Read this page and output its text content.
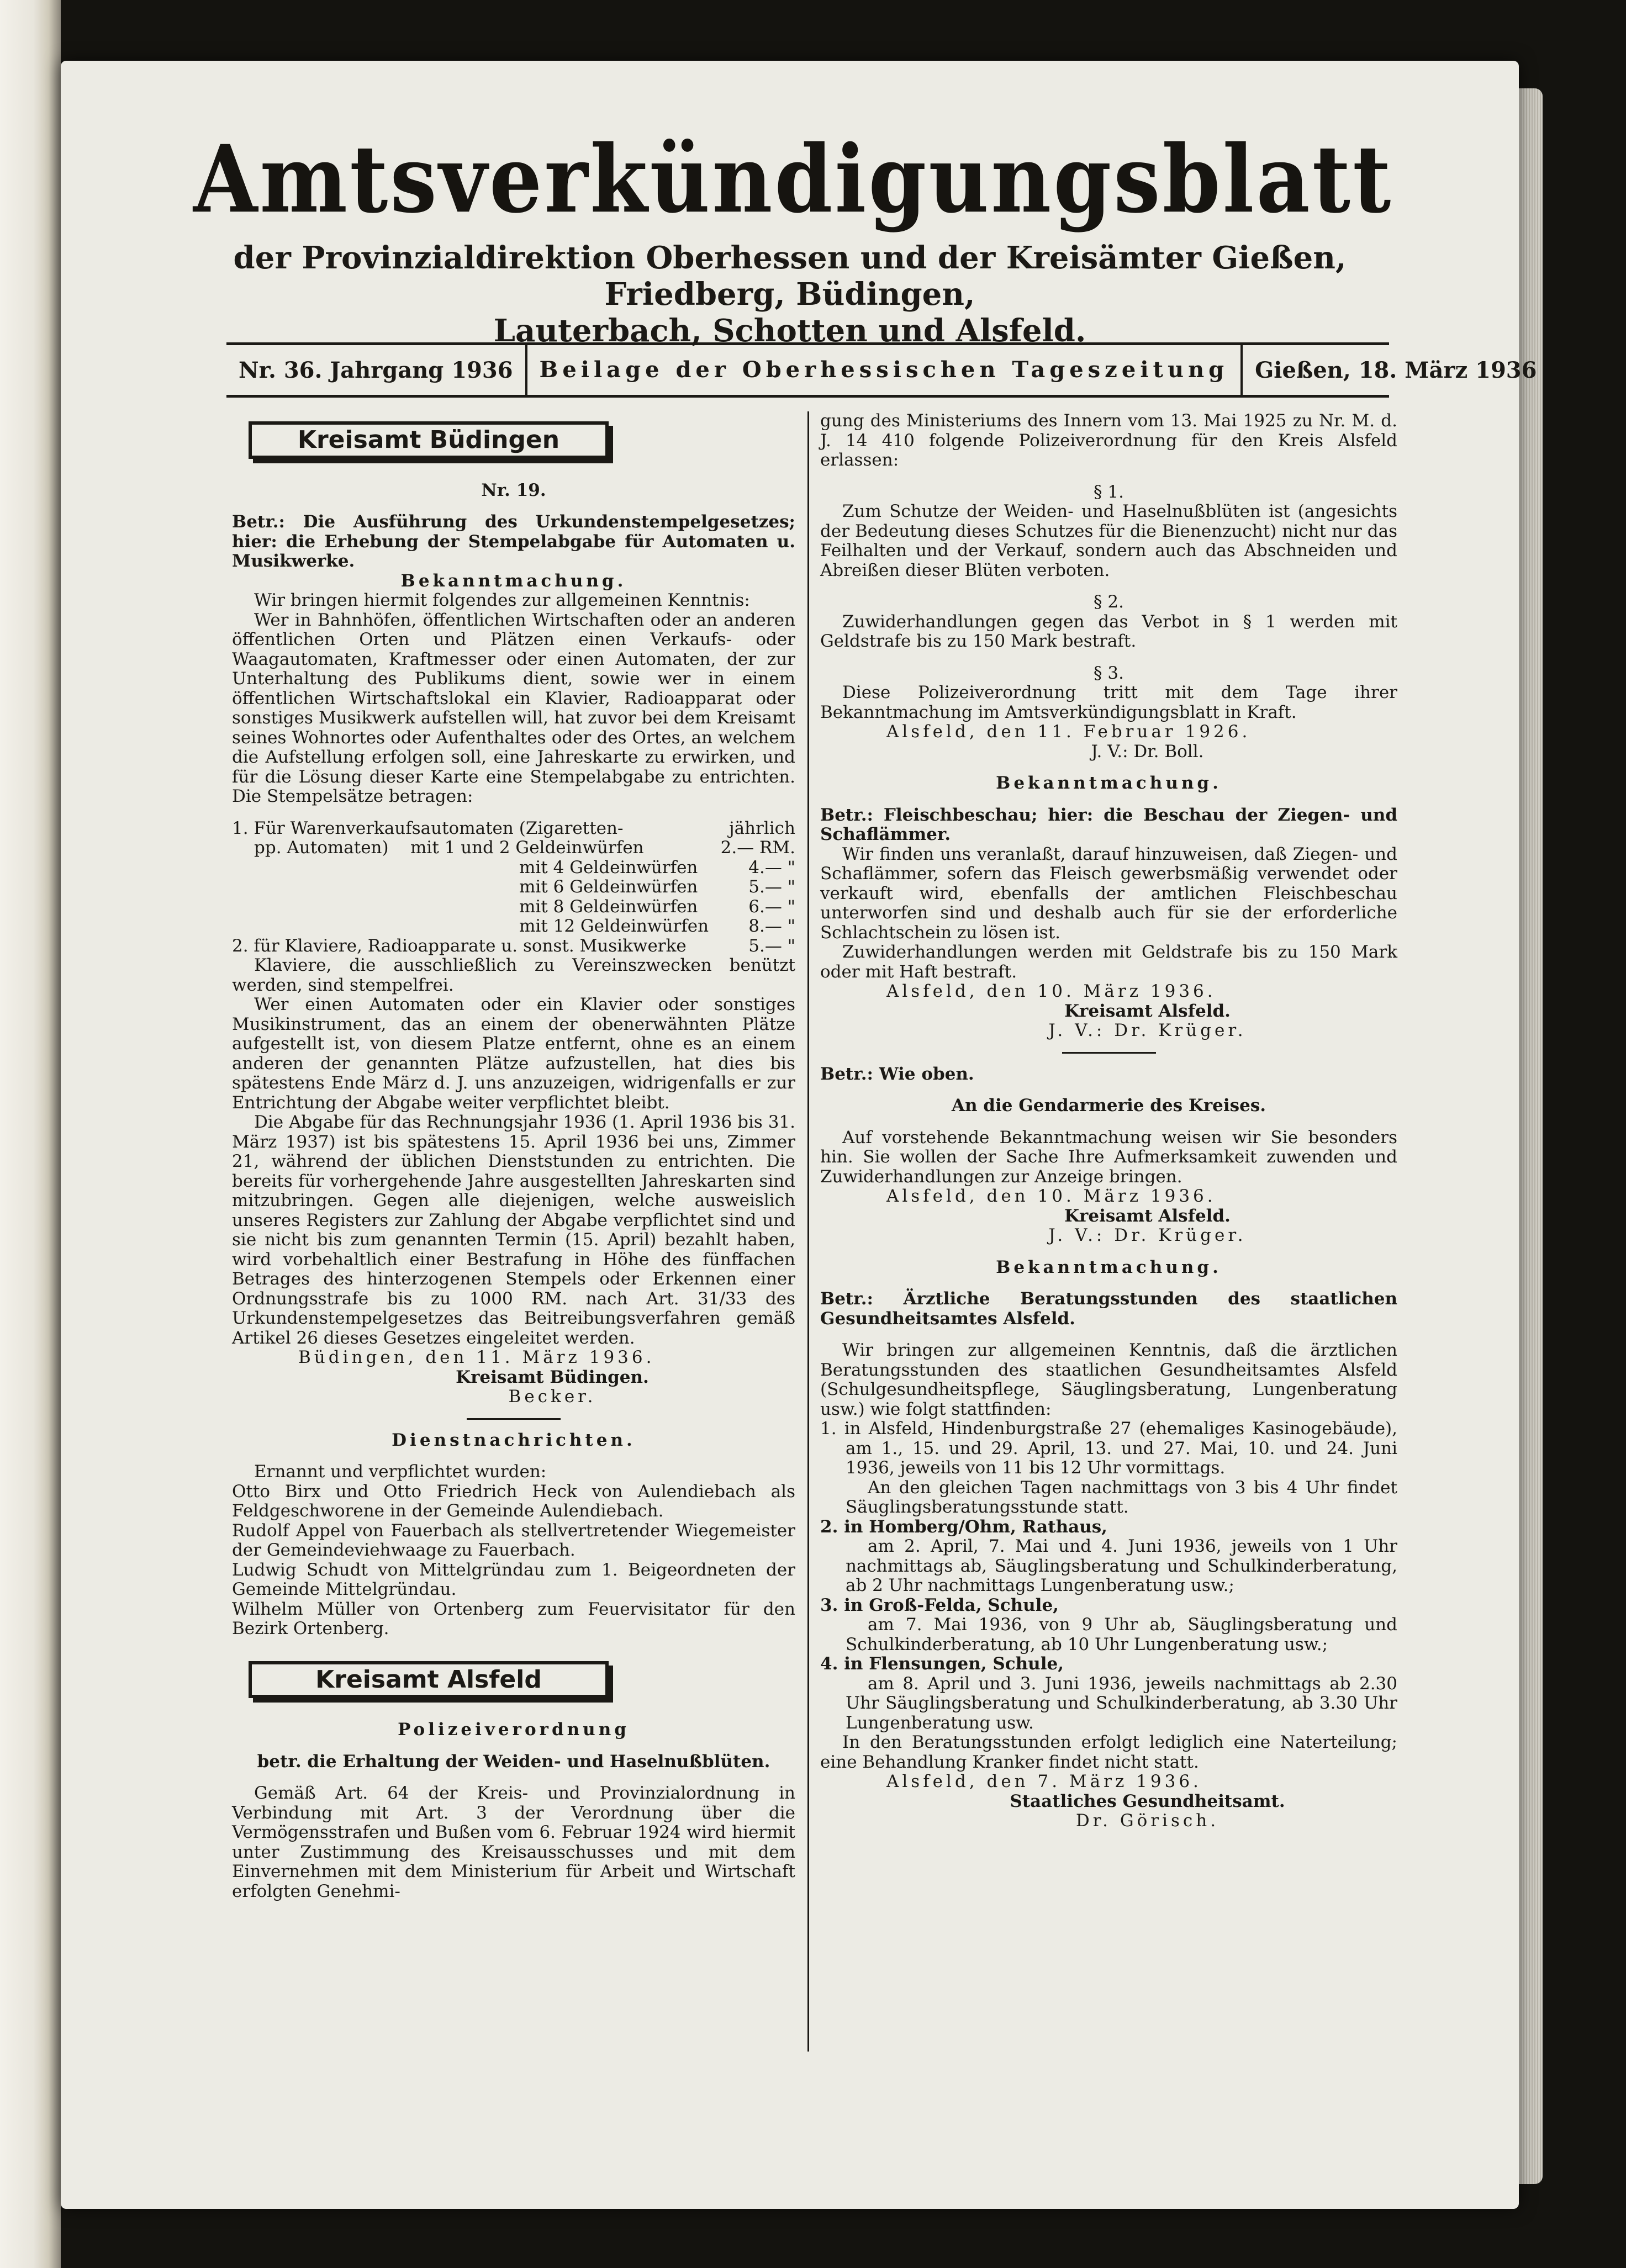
Amtsverkündigungsblatt

der Provinzialdirektion Oberhessen und der Kreisämter Gießen, Friedberg, Büdingen,

Lauterbach, Schotten und Alsfeld.

Nr. 36. Jahrgang 1936	Beilage der Oberhessischen Tageszeitung	Gießen, 18. März 1936
Kreisamt Büdingen

Nr. 19.

Betr.: Die Ausführung des Urkundenstempelgesetzes; hier: die Erhebung der Stempelabgabe für Automaten u. Musikwerke.

Bekanntmachung.

Wir bringen hiermit folgendes zur allgemeinen Kenntnis:

Wer in Bahnhöfen, öffentlichen Wirtschaften oder an anderen öffentlichen Orten und Plätzen einen Verkaufs- oder Waagautomaten, Kraftmesser oder einen Automaten, der zur Unterhaltung des Publikums dient, sowie wer in einem öffentlichen Wirtschaftslokal ein Klavier, Radioapparat oder sonstiges Musikwerk aufstellen will, hat zuvor bei dem Kreisamt seines Wohnortes oder Aufenthaltes oder des Ortes, an welchem die Aufstellung erfolgen soll, eine Jahreskarte zu erwirken, und für die Lösung dieser Karte eine Stempelabgabe zu entrichten. Die Stempelsätze betragen:

1. Für Warenverkaufsautomaten (Zigaretten-	jährlich
pp. Automaten)    mit 1 und 2 Geldeinwürfen	2.— RM.
mit 4 Geldeinwürfen	4.— "
mit 6 Geldeinwürfen	5.— "
mit 8 Geldeinwürfen	6.— "
mit 12 Geldeinwürfen 8.— "
2. für Klaviere, Radioapparate u. sonst. Musikwerke	5.— "

Klaviere, die ausschließlich zu Vereinszwecken benützt werden, sind stempelfrei.

Wer einen Automaten oder ein Klavier oder sonstiges Musikinstrument, das an einem der obenerwähnten Plätze aufgestellt ist, von diesem Platze entfernt, ohne es an einem anderen der genannten Plätze aufzustellen, hat dies bis spätestens Ende März d. J. uns anzuzeigen, widrigenfalls er zur Entrichtung der Abgabe weiter verpflichtet bleibt.

Die Abgabe für das Rechnungsjahr 1936 (1. April 1936 bis 31. März 1937) ist bis spätestens 15. April 1936 bei uns, Zimmer 21, während der üblichen Dienststunden zu entrichten. Die bereits für vorhergehende Jahre ausgestellten Jahreskarten sind mitzubringen. Gegen alle diejenigen, welche ausweislich unseres Registers zur Zahlung der Abgabe verpflichtet sind und sie nicht bis zum genannten Termin (15. April) bezahlt haben, wird vorbehaltlich einer Bestrafung in Höhe des fünffachen Betrages des hinterzogenen Stempels oder Erkennen einer Ordnungsstrafe bis zu 1000 RM. nach Art. 31/33 des Urkundenstempelgesetzes das Beitreibungsverfahren gemäß Artikel 26 dieses Gesetzes eingeleitet werden.

Büdingen, den 11. März 1936.

Kreisamt Büdingen.

Becker.

Dienstnachrichten.

Ernannt und verpflichtet wurden:

Otto Birx und Otto Friedrich Heck von Aulendiebach als Feldgeschworene in der Gemeinde Aulendiebach.

Rudolf Appel von Fauerbach als stellvertretender Wiegemeister der Gemeindeviehwaage zu Fauerbach.

Ludwig Schudt von Mittelgründau zum 1. Beigeordneten der Gemeinde Mittelgründau.

Wilhelm Müller von Ortenberg zum Feuervisitator für den Bezirk Ortenberg.

Kreisamt Alsfeld

Polizeiverordnung

betr. die Erhaltung der Weiden- und Haselnußblüten.

Gemäß Art. 64 der Kreis- und Provinzialordnung in Verbindung mit Art. 3 der Verordnung über die Vermögensstrafen und Bußen vom 6. Februar 1924 wird hiermit unter Zustimmung des Kreisausschusses und mit dem Einvernehmen mit dem Ministerium für Arbeit und Wirtschaft erfolgten Genehmi-

gung des Ministeriums des Innern vom 13. Mai 1925 zu Nr. M. d. J. 14 410 folgende Polizeiverordnung für den Kreis Alsfeld erlassen:

§ 1.

Zum Schutze der Weiden- und Haselnußblüten ist (angesichts der Bedeutung dieses Schutzes für die Bienenzucht) nicht nur das Feilhalten und der Verkauf, sondern auch das Abschneiden und Abreißen dieser Blüten verboten.

§ 2.

Zuwiderhandlungen gegen das Verbot in § 1 werden mit Geldstrafe bis zu 150 Mark bestraft.

§ 3.

Diese Polizeiverordnung tritt mit dem Tage ihrer Bekanntmachung im Amtsverkündigungsblatt in Kraft.

Alsfeld, den 11. Februar 1926.

J. V.: Dr. Boll.

Bekanntmachung.

Betr.: Fleischbeschau; hier: die Beschau der Ziegen- und Schaflämmer.

Wir finden uns veranlaßt, darauf hinzuweisen, daß Ziegen- und Schaflämmer, sofern das Fleisch gewerbsmäßig verwendet oder verkauft wird, ebenfalls der amtlichen Fleischbeschau unterworfen sind und deshalb auch für sie der erforderliche Schlachtschein zu lösen ist.

Zuwiderhandlungen werden mit Geldstrafe bis zu 150 Mark oder mit Haft bestraft.

Alsfeld, den 10. März 1936.

Kreisamt Alsfeld.

J. V.: Dr. Krüger.

Betr.: Wie oben.

An die Gendarmerie des Kreises.

Auf vorstehende Bekanntmachung weisen wir Sie besonders hin. Sie wollen der Sache Ihre Aufmerksamkeit zuwenden und Zuwiderhandlungen zur Anzeige bringen.

Alsfeld, den 10. März 1936.

Kreisamt Alsfeld.

J. V.: Dr. Krüger.

Bekanntmachung.

Betr.: Ärztliche Beratungsstunden des staatlichen Gesundheitsamtes Alsfeld.

Wir bringen zur allgemeinen Kenntnis, daß die ärztlichen Beratungsstunden des staatlichen Gesundheitsamtes Alsfeld (Schulgesundheitspflege, Säuglingsberatung, Lungenberatung usw.) wie folgt stattfinden:

1. in Alsfeld, Hindenburgstraße 27 (ehemaliges Kasinogebäude), am 1., 15. und 29. April, 13. und 27. Mai, 10. und 24. Juni 1936, jeweils von 11 bis 12 Uhr vormittags.

An den gleichen Tagen nachmittags von 3 bis 4 Uhr findet Säuglingsberatungsstunde statt.

2. in Homberg/Ohm, Rathaus,

am 2. April, 7. Mai und 4. Juni 1936, jeweils von 1 Uhr nachmittags ab, Säuglingsberatung und Schulkinderberatung, ab 2 Uhr nachmittags Lungenberatung usw.;

3. in Groß-Felda, Schule,

am 7. Mai 1936, von 9 Uhr ab, Säuglingsberatung und Schulkinderberatung, ab 10 Uhr Lungenberatung usw.;

4. in Flensungen, Schule,

am 8. April und 3. Juni 1936, jeweils nachmittags ab 2.30 Uhr Säuglingsberatung und Schulkinderberatung, ab 3.30 Uhr Lungenberatung usw.

In den Beratungsstunden erfolgt lediglich eine Naterteilung; eine Behandlung Kranker findet nicht statt.

Alsfeld, den 7. März 1936.

Staatliches Gesundheitsamt.

Dr. Görisch.
